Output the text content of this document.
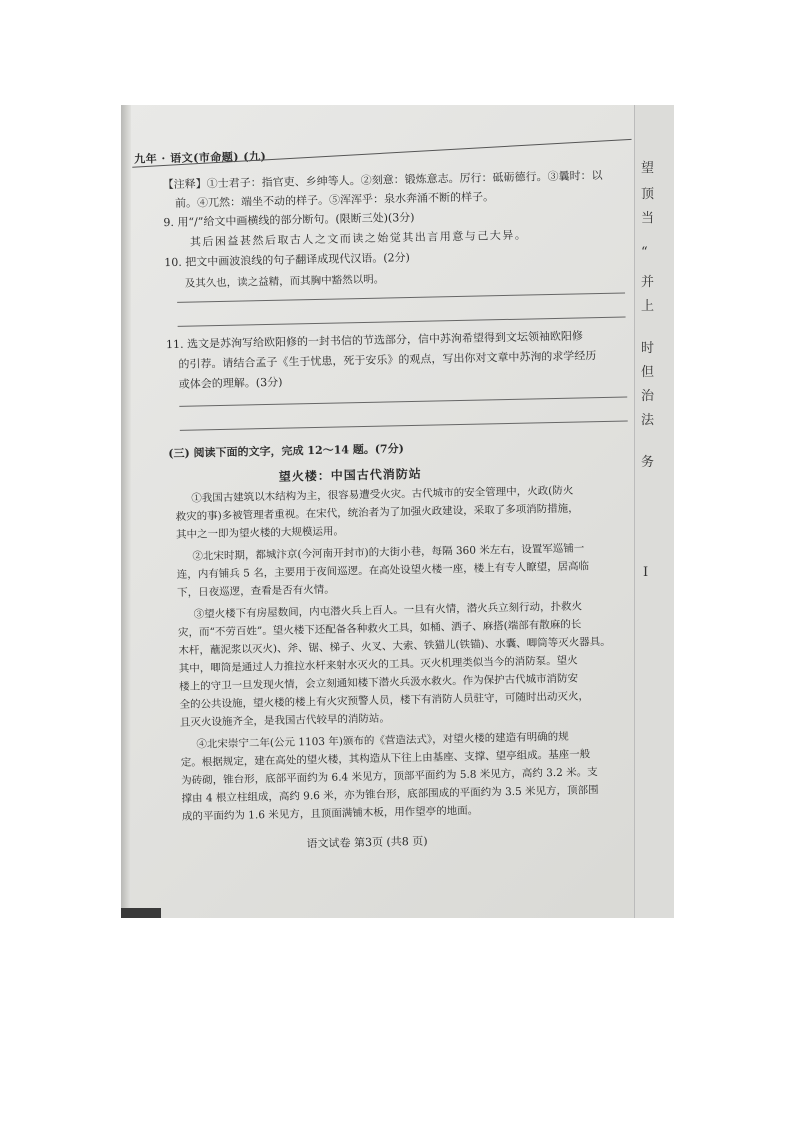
望
顶
当
“
并
上
时
但
治
法
务
I
九年 · 语文(市命题) (九)
【注释】①士君子：指官吏、乡绅等人。②刻意：锻炼意志。厉行：砥砺德行。③曩时：以
前。④兀然：端坐不动的样子。⑤浑浑乎：泉水奔涌不断的样子。
9. 用“/”给文中画横线的部分断句。(限断三处)(3分)
其后困益甚然后取古人之文而读之始觉其出言用意与己大异。
10. 把文中画波浪线的句子翻译成现代汉语。(2分)
及其久也，读之益精，而其胸中豁然以明。
11. 选文是苏洵写给欧阳修的一封书信的节选部分，信中苏洵希望得到文坛领袖欧阳修
的引荐。请结合孟子《生于忧患，死于安乐》的观点，写出你对文章中苏洵的求学经历
或体会的理解。(3分)
(三) 阅读下面的文字，完成 12～14 题。(7分)
望火楼：中国古代消防站
①我国古建筑以木结构为主，很容易遭受火灾。古代城市的安全管理中，火政(防火
救灾的事)多被管理者重视。在宋代，统治者为了加强火政建设，采取了多项消防措施，
其中之一即为望火楼的大规模运用。
②北宋时期，都城汴京(今河南开封市)的大街小巷，每隔 360 米左右，设置军巡铺一
连，内有铺兵 5 名，主要用于夜间巡逻。在高处设望火楼一座，楼上有专人瞭望，居高临
下，日夜巡逻，查看是否有火情。
③望火楼下有房屋数间，内屯潜火兵上百人。一旦有火情，潜火兵立刻行动，扑救火
灾，而“不劳百姓”。望火楼下还配备各种救火工具，如桶、洒子、麻搭(端部有散麻的长
木杆，蘸泥浆以灭火)、斧、锯、梯子、火叉、大索、铁猫儿(铁锚)、水囊、唧筒等灭火器具。
其中，唧筒是通过人力推拉水杆来射水灭火的工具。灭火机理类似当今的消防泵。望火
楼上的守卫一旦发现火情，会立刻通知楼下潜火兵汲水救火。作为保护古代城市消防安
全的公共设施，望火楼的楼上有火灾预警人员，楼下有消防人员驻守，可随时出动灭火，
且灭火设施齐全，是我国古代较早的消防站。
④北宋崇宁二年(公元 1103 年)颁布的《营造法式》，对望火楼的建造有明确的规
定。根据规定，建在高处的望火楼，其构造从下往上由基座、支撑、望亭组成。基座一般
为砖砌，锥台形，底部平面约为 6.4 米见方，顶部平面约为 5.8 米见方，高约 3.2 米。支
撑由 4 根立柱组成，高约 9.6 米，亦为锥台形，底部围成的平面约为 3.5 米见方，顶部围
成的平面约为 1.6 米见方，且顶面满铺木板，用作望亭的地面。
语文试卷 第3页 (共8 页)
